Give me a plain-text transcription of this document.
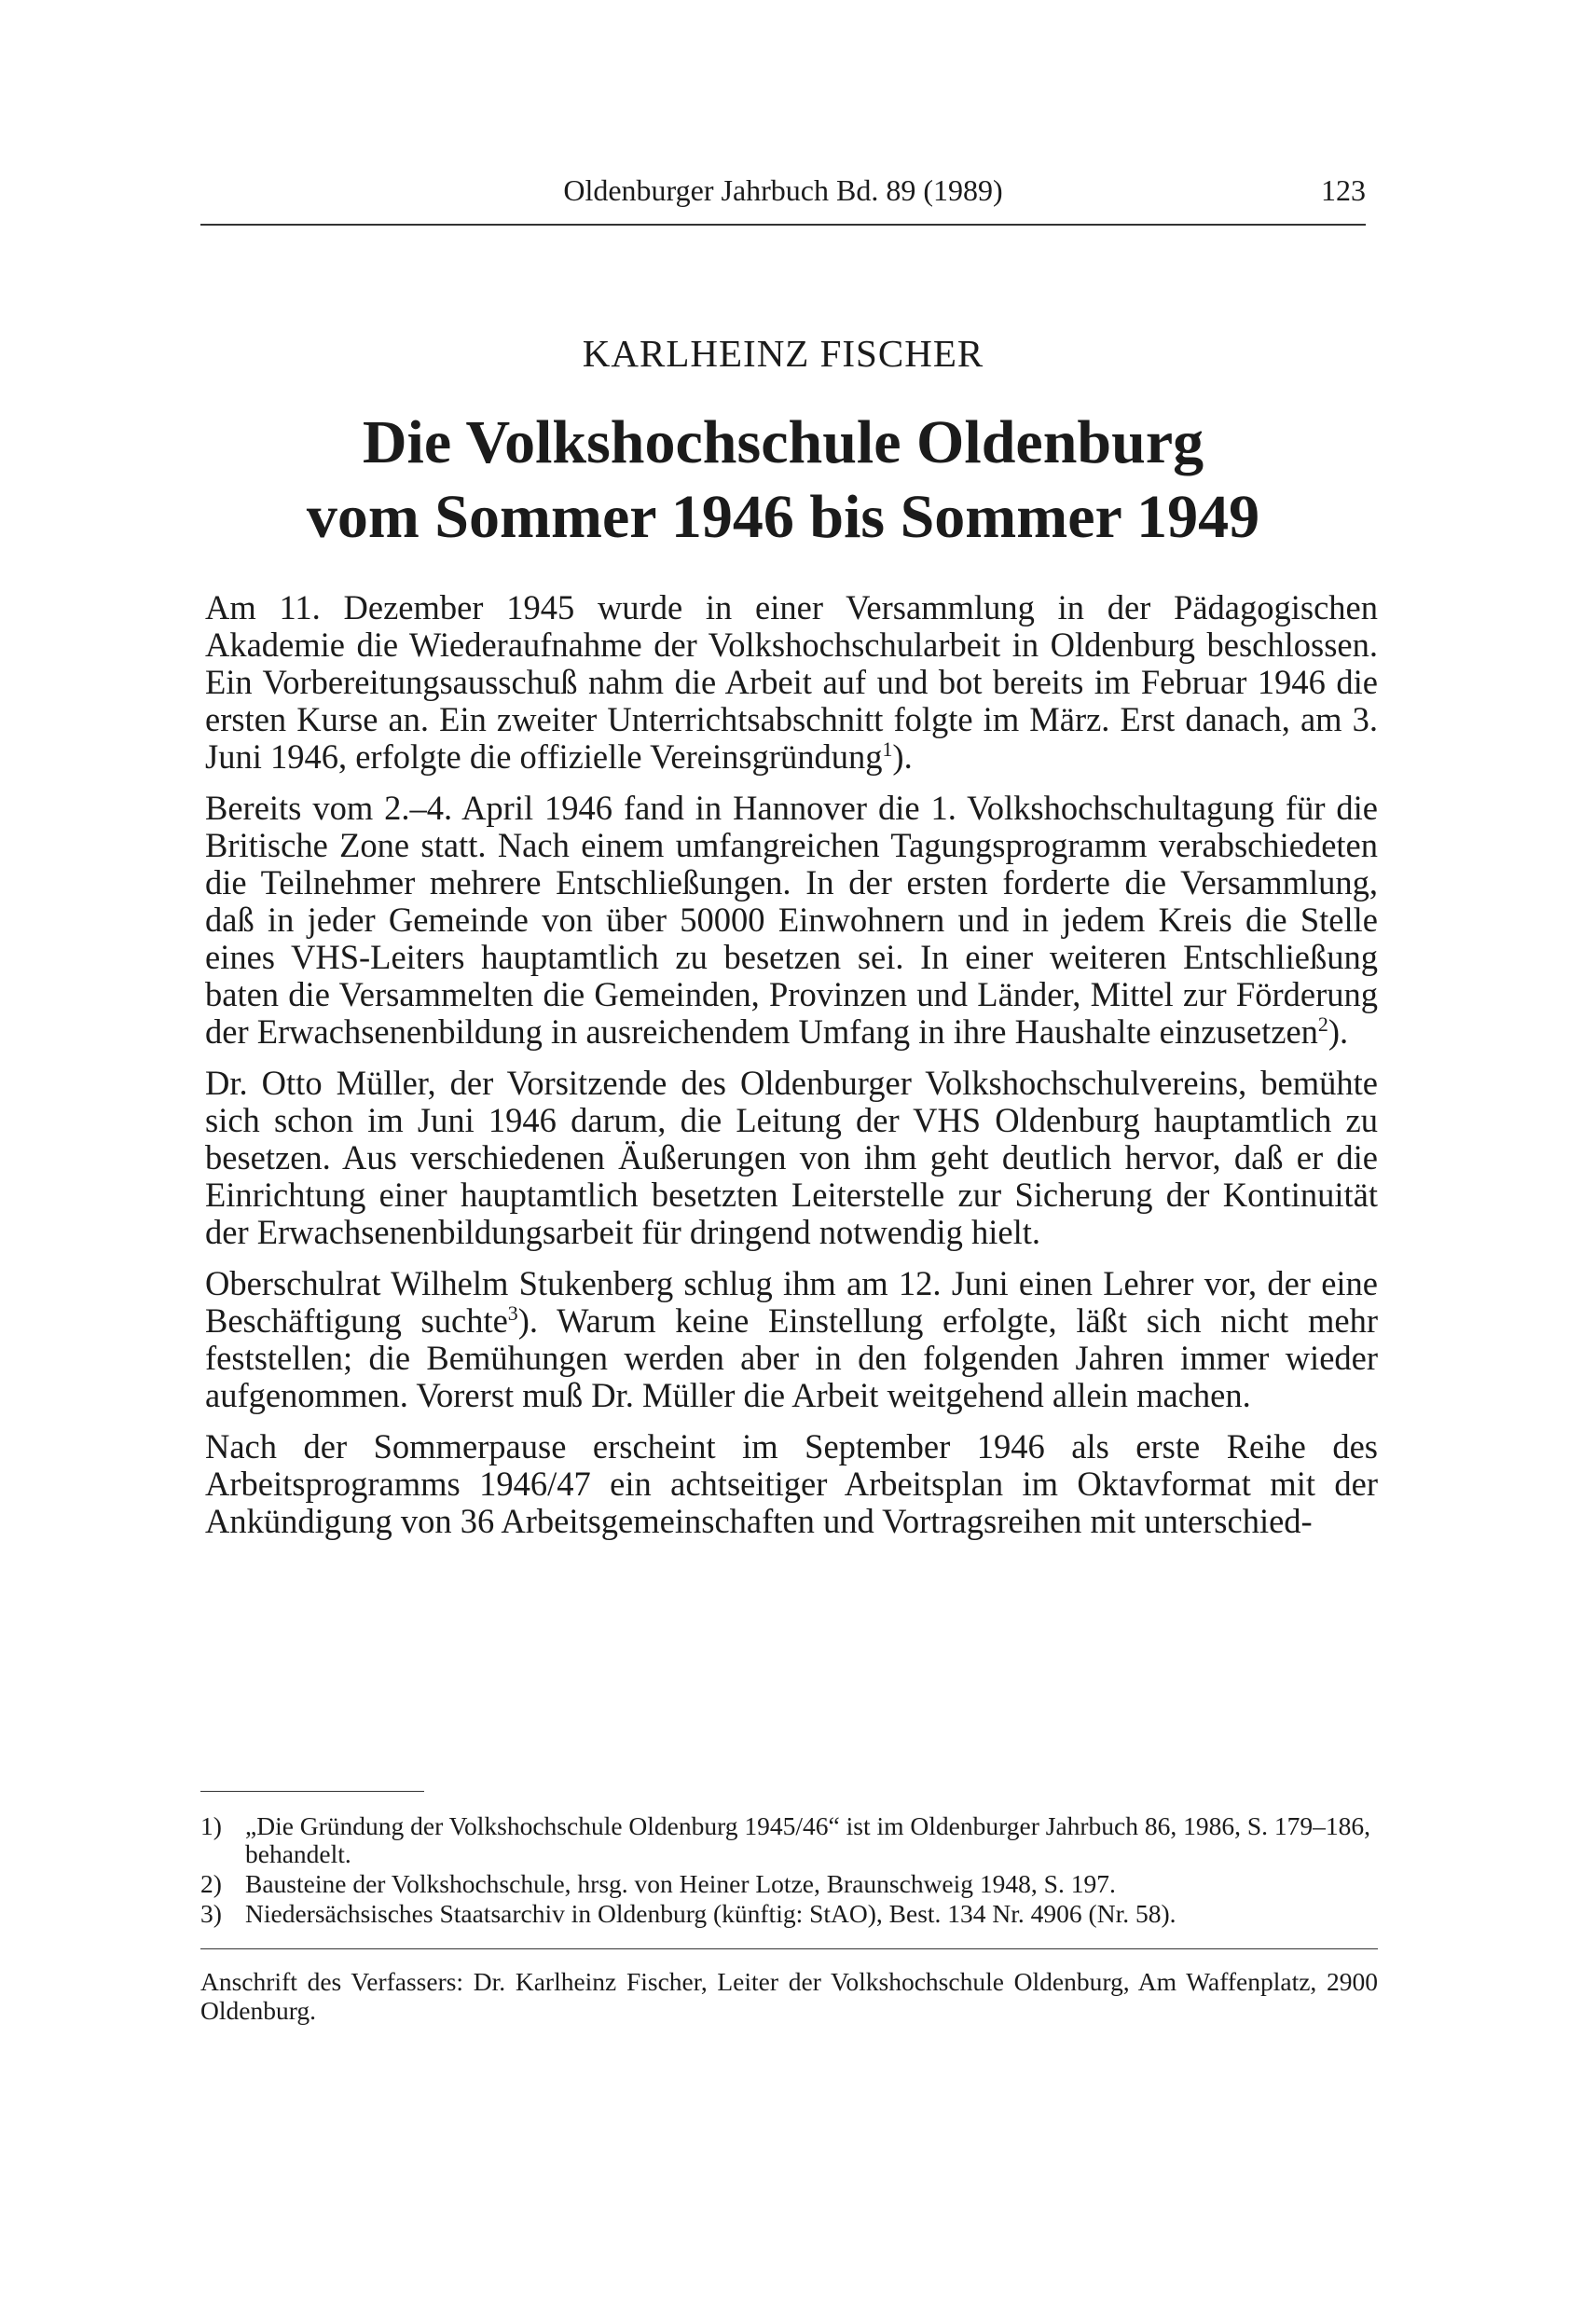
Oldenburger Jahrbuch Bd. 89 (1989)	123
KARLHEINZ FISCHER
Die Volkshochschule Oldenburg
vom Sommer 1946 bis Sommer 1949

Am 11. Dezember 1945 wurde in einer Versammlung in der Pädagogischen Akademie die Wiederaufnahme der Volkshochschularbeit in Oldenburg beschlossen. Ein Vorbereitungsausschuß nahm die Arbeit auf und bot bereits im Februar 1946 die ersten Kurse an. Ein zweiter Unterrichtsabschnitt folgte im März. Erst danach, am 3. Juni 1946, erfolgte die offizielle Vereinsgründung$^1$).

Bereits vom 2.–4. April 1946 fand in Hannover die 1. Volkshochschultagung für die Britische Zone statt. Nach einem umfangreichen Tagungsprogramm verabschiedeten die Teilnehmer mehrere Entschließungen. In der ersten forderte die Versammlung, daß in jeder Gemeinde von über 50000 Einwohnern und in jedem Kreis die Stelle eines VHS-Leiters hauptamtlich zu besetzen sei. In einer weiteren Entschließung baten die Versammelten die Gemeinden, Provinzen und Länder, Mittel zur Förderung der Erwachsenenbildung in ausreichendem Umfang in ihre Haushalte einzusetzen$^2$).

Dr. Otto Müller, der Vorsitzende des Oldenburger Volkshochschulvereins, bemühte sich schon im Juni 1946 darum, die Leitung der VHS Oldenburg hauptamtlich zu besetzen. Aus verschiedenen Äußerungen von ihm geht deutlich hervor, daß er die Einrichtung einer hauptamtlich besetzten Leiterstelle zur Sicherung der Kontinuität der Erwachsenenbildungsarbeit für dringend notwendig hielt.

Oberschulrat Wilhelm Stukenberg schlug ihm am 12. Juni einen Lehrer vor, der eine Beschäftigung suchte$^3$). Warum keine Einstellung erfolgte, läßt sich nicht mehr feststellen; die Bemühungen werden aber in den folgenden Jahren immer wieder aufgenommen. Vorerst muß Dr. Müller die Arbeit weitgehend allein machen.

Nach der Sommerpause erscheint im September 1946 als erste Reihe des Arbeitsprogramms 1946/47 ein achtseitiger Arbeitsplan im Oktavformat mit der Ankündigung von 36 Arbeitsgemeinschaften und Vortragsreihen mit unterschied-

1) „Die Gründung der Volkshochschule Oldenburg 1945/46“ ist im Oldenburger Jahrbuch 86, 1986, S. 179–186, behandelt.
2) Bausteine der Volkshochschule, hrsg. von Heiner Lotze, Braunschweig 1948, S. 197.
3) Niedersächsisches Staatsarchiv in Oldenburg (künftig: StAO), Best. 134 Nr. 4906 (Nr. 58).
Anschrift des Verfassers: Dr. Karlheinz Fischer, Leiter der Volkshochschule Oldenburg, Am Waffenplatz, 2900 Oldenburg.
